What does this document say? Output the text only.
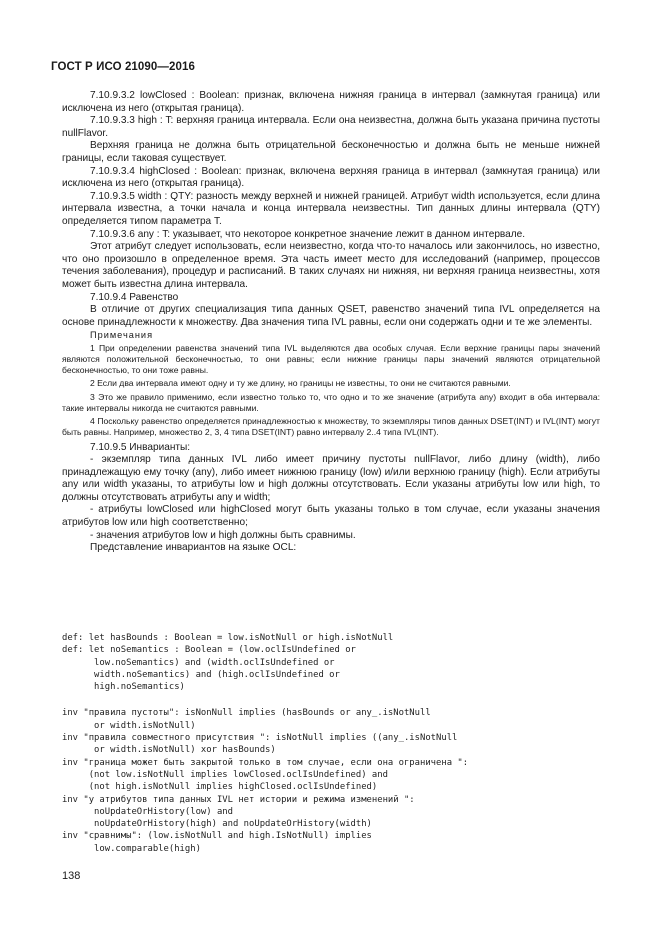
ГОСТ Р ИСО 21090—2016

7.10.9.3.2 lowClosed : Boolean: признак, включена нижняя граница в интервал (замкнутая граница) или исключена из него (открытая граница).

7.10.9.3.3 high : T: верхняя граница интервала. Если она неизвестна, должна быть указана причина пустоты nullFlavor.

Верхняя граница не должна быть отрицательной бесконечностью и должна быть не меньше нижней границы, если таковая существует.

7.10.9.3.4 highClosed : Boolean: признак, включена верхняя граница в интервал (замкнутая граница) или исключена из него (открытая граница).

7.10.9.3.5 width : QTY: разность между верхней и нижней границей. Атрибут width используется, если длина интервала известна, а точки начала и конца интервала неизвестны. Тип данных длины интервала (QTY) определяется типом параметра T.

7.10.9.3.6 any : T: указывает, что некоторое конкретное значение лежит в данном интервале.

Этот атрибут следует использовать, если неизвестно, когда что-то началось или закончилось, но известно, что оно произошло в определенное время. Эта часть имеет место для исследований (например, процессов течения заболевания), процедур и расписаний. В таких случаях ни нижняя, ни верхняя граница неизвестны, хотя может быть известна длина интервала.

7.10.9.4 Равенство

В отличие от других специализация типа данных QSET, равенство значений типа IVL определяется на основе принадлежности к множеству. Два значения типа IVL равны, если они содержать одни и те же элементы.

Примечания

1 При определении равенства значений типа IVL выделяются два особых случая. Если верхние границы пары значений являются положительной бесконечностью, то они равны; если нижние границы пары значений являются отрицательной бесконечностью, то они тоже равны.

2 Если два интервала имеют одну и ту же длину, но границы не известны, то они не считаются равными.

3 Это же правило применимо, если известно только то, что одно и то же значение (атрибута any) входит в оба интервала: такие интервалы никогда не считаются равными.

4 Поскольку равенство определяется принадлежностью к множеству, то экземпляры типов данных DSET(INT) и IVL(INT) могут быть равны. Например, множество 2, 3, 4 типа DSET(INT) равно интервалу 2..4 типа IVL(INT).

7.10.9.5 Инварианты:

- экземпляр типа данных IVL либо имеет причину пустоты nullFlavor, либо длину (width), либо принадлежащую ему точку (any), либо имеет нижнюю границу (low) и/или верхнюю границу (high). Если атрибуты any или width указаны, то атрибуты low и high должны отсутствовать. Если указаны атрибуты low или high, то должны отсутствовать атрибуты any и width;

- атрибуты lowClosed или highClosed могут быть указаны только в том случае, если указаны значения атрибутов low или high соответственно;

- значения атрибутов low и high должны быть сравнимы.

Представление инвариантов на языке OCL:

def: let hasBounds : Boolean = low.isNotNull or high.isNotNull
def: let noSemantics : Boolean = (low.oclIsUndefined or
low.noSemantics) and (width.oclIsUndefined or
width.noSemantics) and (high.oclIsUndefined or
high.noSemantics)
inv "правила пустоты": isNonNull implies (hasBounds or any_.isNotNull
or width.isNotNull)
inv "правила совместного присутствия ": isNotNull implies ((any_.isNotNull
or width.isNotNull) xor hasBounds)
inv "граница может быть закрытой только в том случае, если она ограничена ":
(not low.isNotNull implies lowClosed.oclIsUndefined) and
(not high.isNotNull implies highClosed.oclIsUndefined)
inv "у атрибутов типа данных IVL нет истории и режима изменений ":
noUpdateOrHistory(low) and
noUpdateOrHistory(high) and noUpdateOrHistory(width)
inv "сравнимы": (low.isNotNull and high.IsNotNull) implies
low.comparable(high)
138
